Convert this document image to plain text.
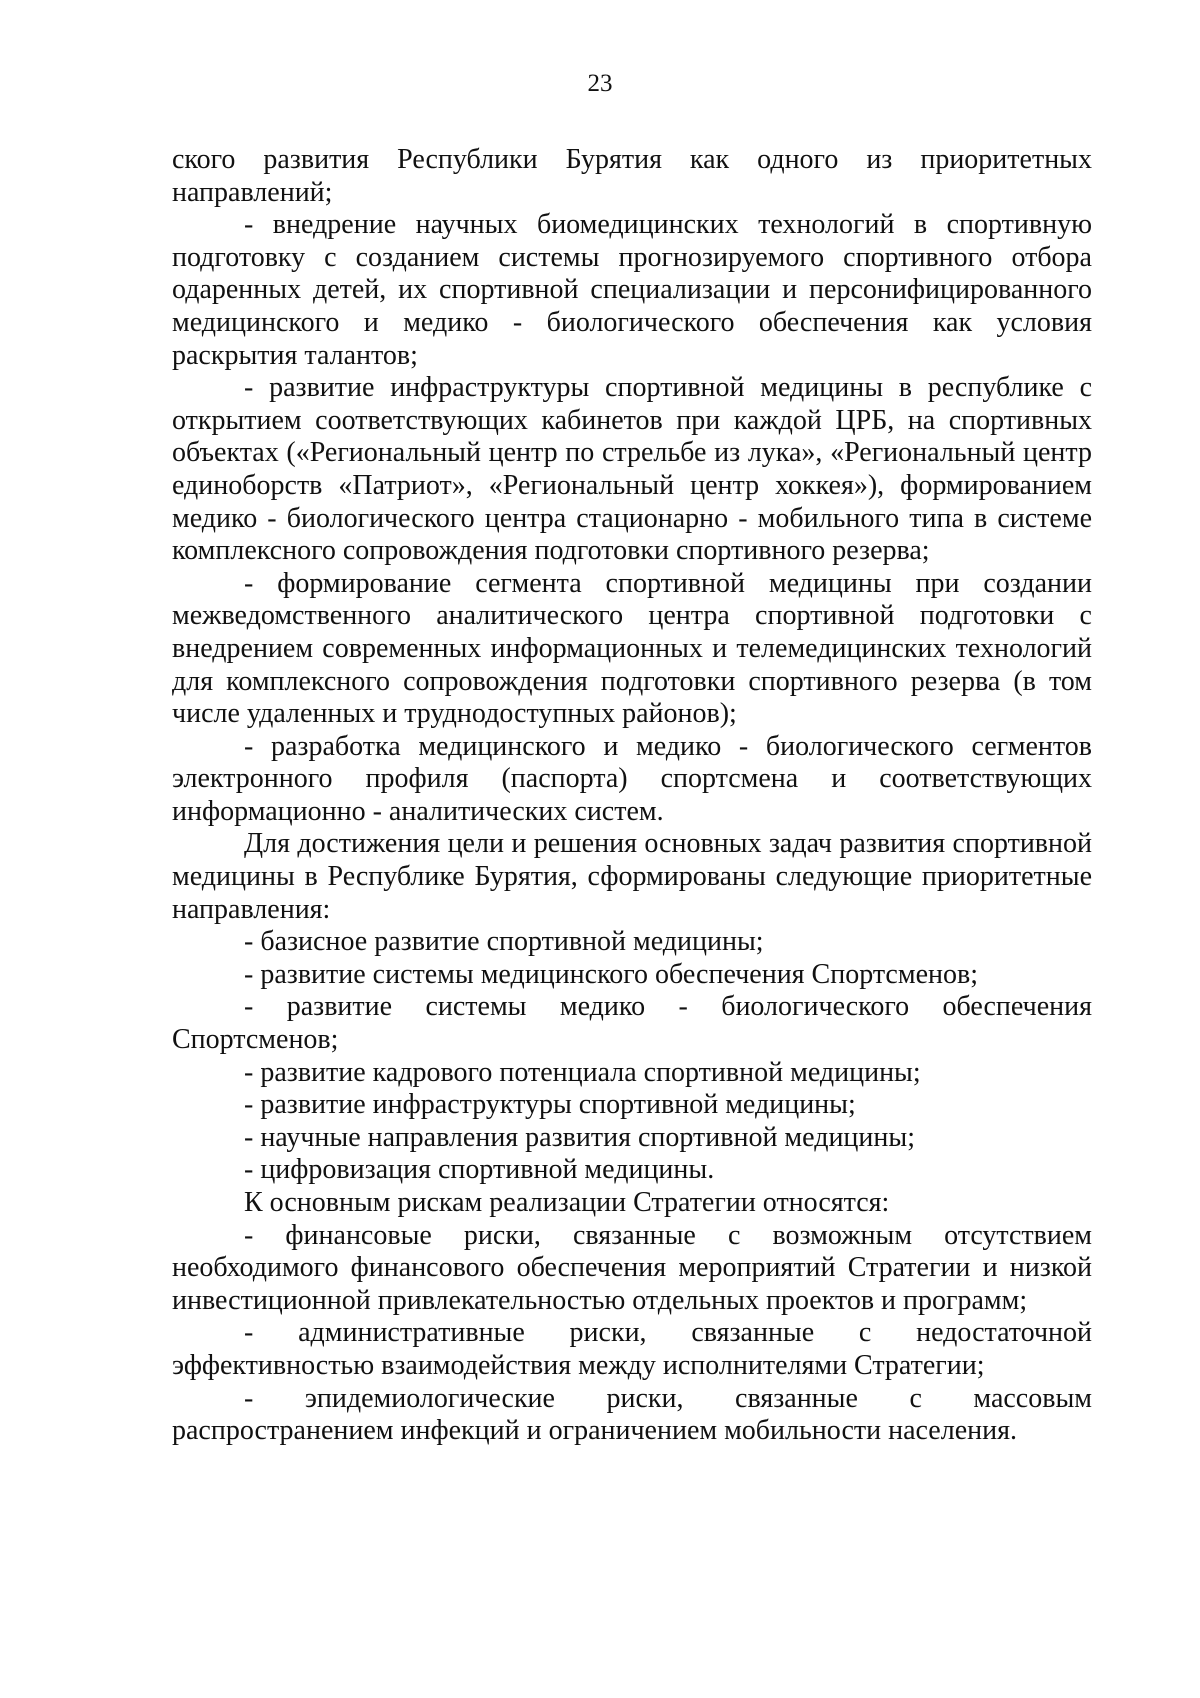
23

ского развития Республики Бурятия как одного из приоритетных направлений;

- внедрение научных биомедицинских технологий в спортивную подготовку с созданием системы прогнозируемого спортивного отбора одаренных детей, их спортивной специализации и персонифицированного медицинского и медико - биологического обеспечения как условия раскрытия талантов;

- развитие инфраструктуры спортивной медицины в республике с открытием соответствующих кабинетов при каждой ЦРБ, на спортивных объектах («Региональный центр по стрельбе из лука», «Региональный центр единоборств «Патриот», «Региональный центр хоккея»), формированием медико - биологического центра стационарно - мобильного типа в системе комплексного сопровождения подготовки спортивного резерва;

- формирование сегмента спортивной медицины при создании межведомственного аналитического центра спортивной подготовки с внедрением современных информационных и телемедицинских технологий для комплексного сопровождения подготовки спортивного резерва (в том числе удаленных и труднодоступных районов);

- разработка медицинского и медико - биологического сегментов электронного профиля (паспорта) спортсмена и соответствующих информационно - аналитических систем.

Для достижения цели и решения основных задач развития спортивной медицины в Республике Бурятия, сформированы следующие приоритетные направления:

- базисное развитие спортивной медицины;

- развитие системы медицинского обеспечения Спортсменов;

- развитие системы медико - биологического обеспечения Спортсменов;

- развитие кадрового потенциала спортивной медицины;

- развитие инфраструктуры спортивной медицины;

- научные направления развития спортивной медицины;

- цифровизация спортивной медицины.

К основным рискам реализации Стратегии относятся:

- финансовые риски, связанные с возможным отсутствием необходимого финансового обеспечения мероприятий Стратегии и низкой инвестиционной привлекательностью отдельных проектов и программ;

- административные риски, связанные с недостаточной эффективностью взаимодействия между исполнителями Стратегии;

- эпидемиологические риски, связанные с массовым распространением инфекций и ограничением мобильности населения.
